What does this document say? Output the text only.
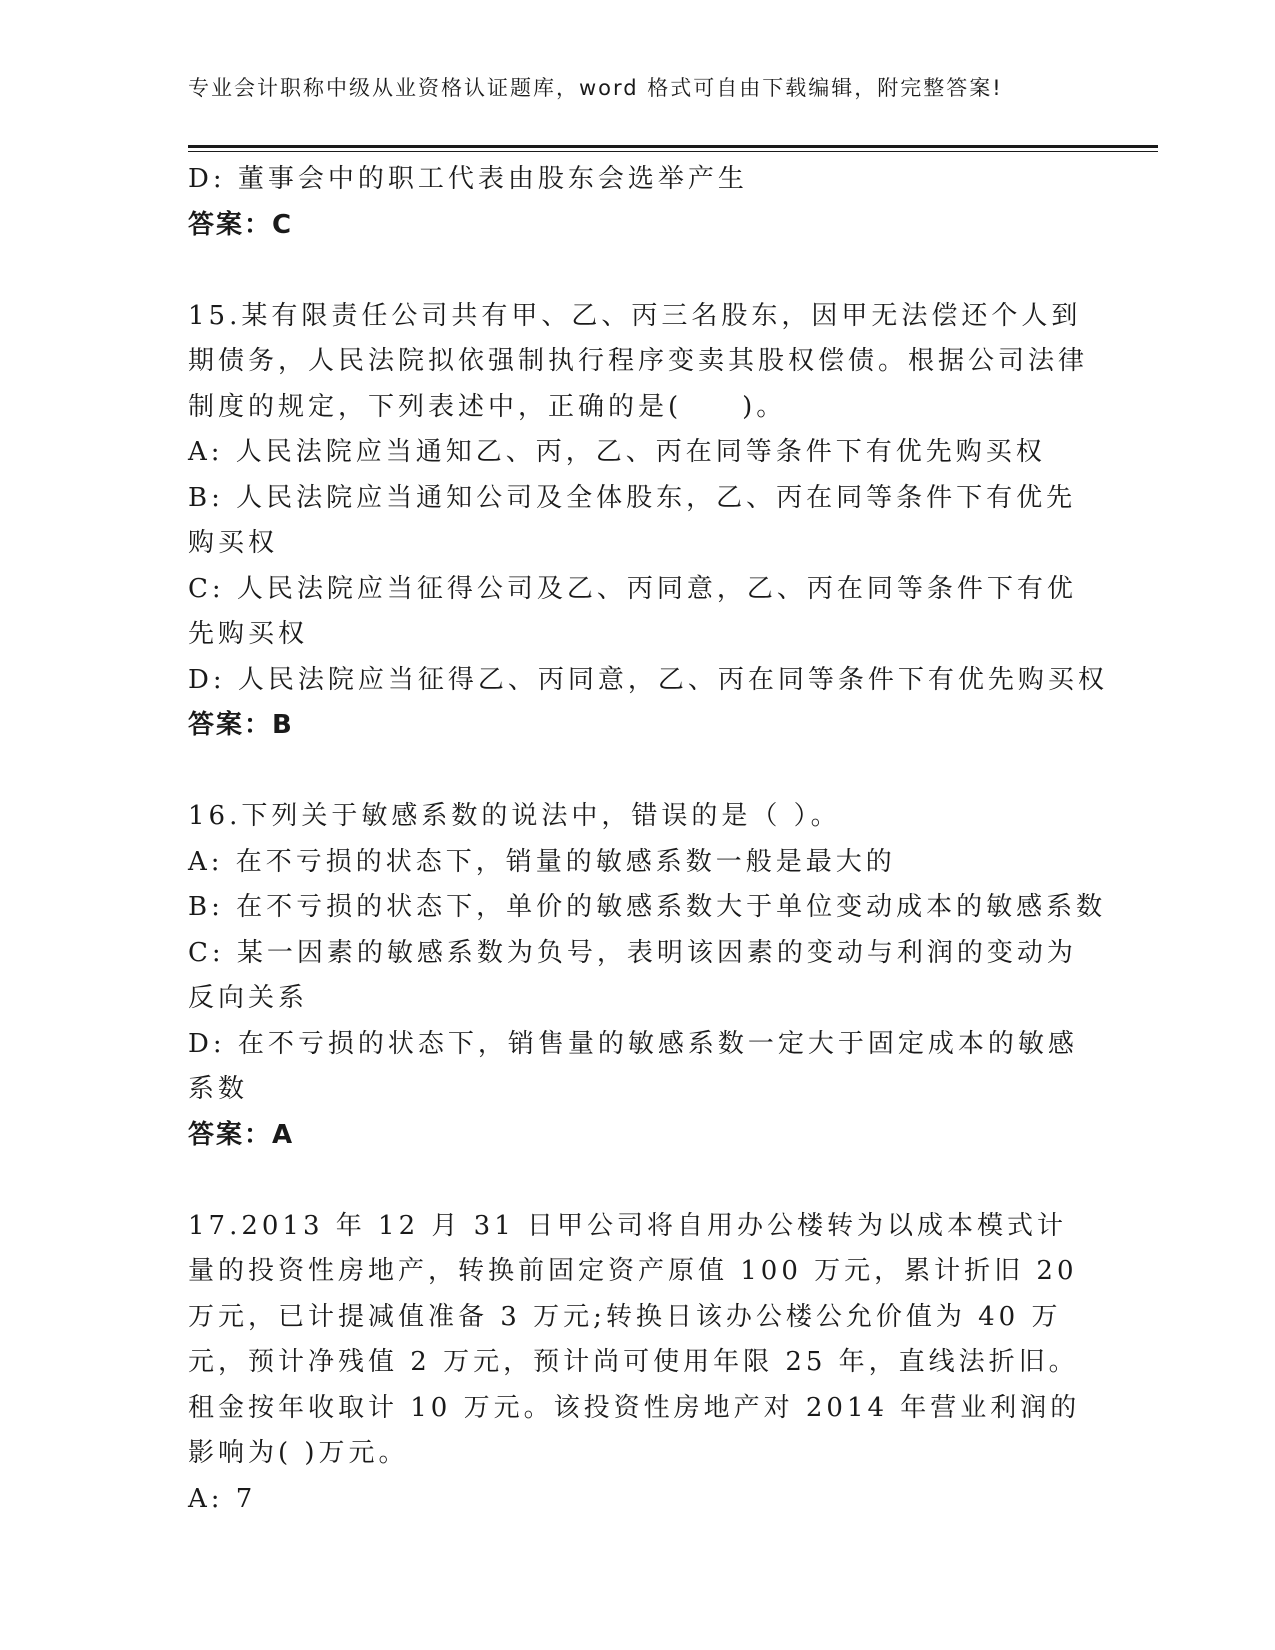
专业会计职称中级从业资格认证题库，word 格式可自由下载编辑，附完整答案!
D: 董事会中的职工代表由股东会选举产生
答案：C
15.某有限责任公司共有甲、乙、丙三名股东，因甲无法偿还个人到期债务，人民法院拟依强制执行程序变卖其股权偿债。根据公司法律制度的规定，下列表述中，正确的是(　　)。
A: 人民法院应当通知乙、丙，乙、丙在同等条件下有优先购买权
B: 人民法院应当通知公司及全体股东，乙、丙在同等条件下有优先购买权
C: 人民法院应当征得公司及乙、丙同意，乙、丙在同等条件下有优先购买权
D: 人民法院应当征得乙、丙同意，乙、丙在同等条件下有优先购买权
答案：B
16.下列关于敏感系数的说法中，错误的是（ ）。
A: 在不亏损的状态下，销量的敏感系数一般是最大的
B: 在不亏损的状态下，单价的敏感系数大于单位变动成本的敏感系数
C: 某一因素的敏感系数为负号，表明该因素的变动与利润的变动为反向关系
D: 在不亏损的状态下，销售量的敏感系数一定大于固定成本的敏感系数
答案：A
17.2013 年 12 月 31 日甲公司将自用办公楼转为以成本模式计量的投资性房地产，转换前固定资产原值 100 万元，累计折旧 20 万元，已计提减值准备 3 万元;转换日该办公楼公允价值为 40 万元，预计净残值 2 万元，预计尚可使用年限 25 年，直线法折旧。租金按年收取计 10 万元。该投资性房地产对 2014 年营业利润的影响为( )万元。
A: 7
